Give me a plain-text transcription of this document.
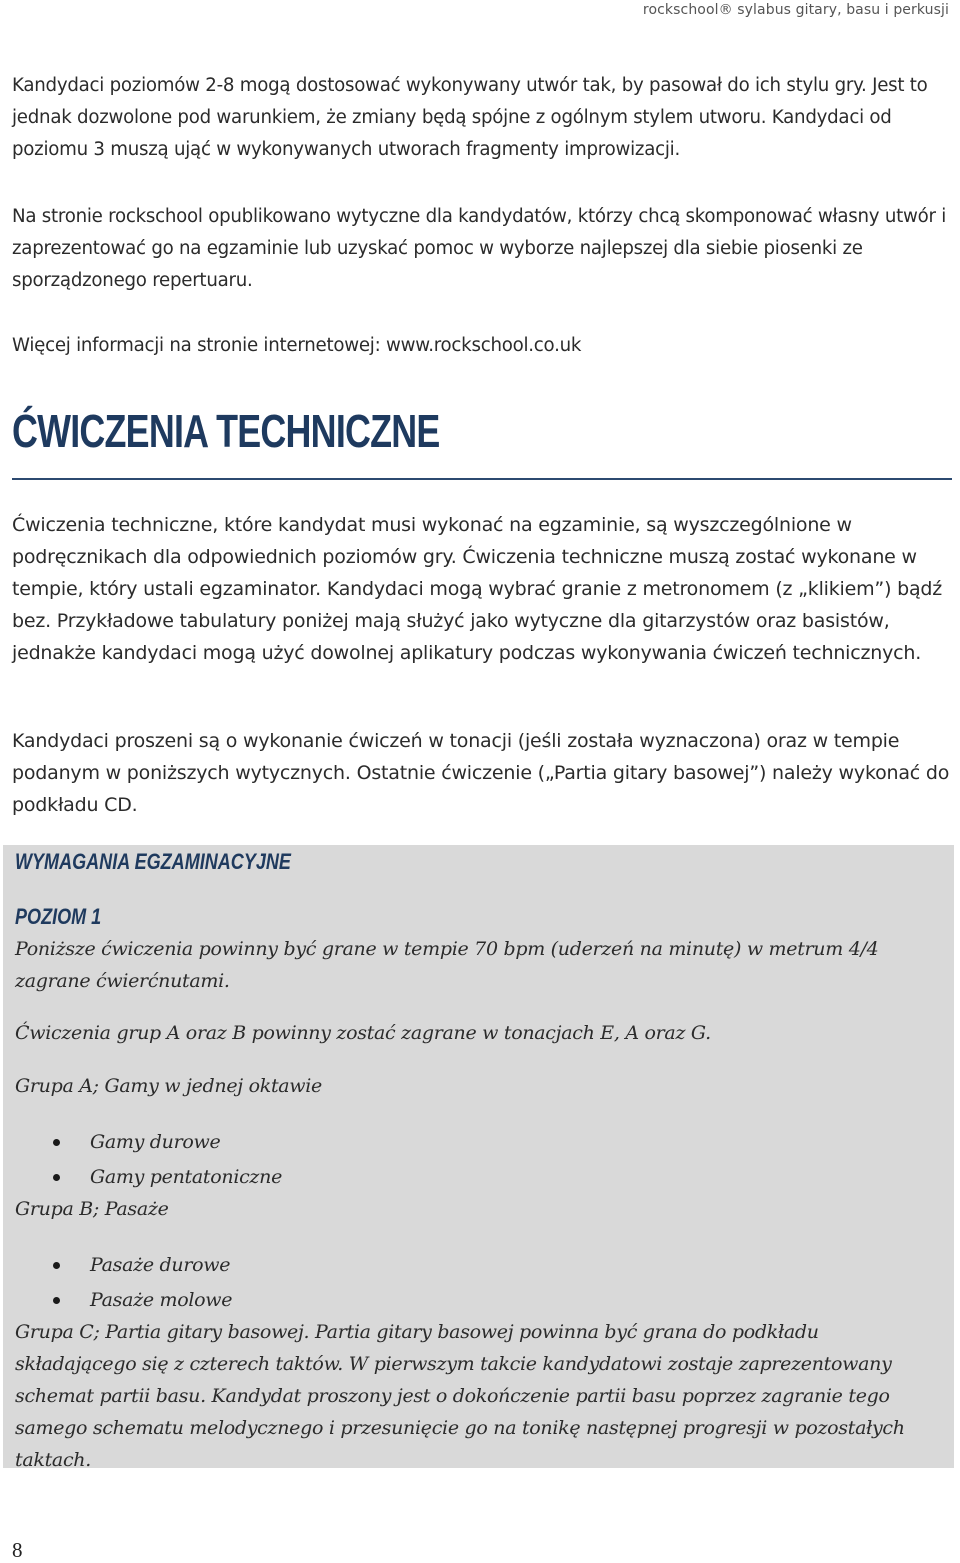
rockschool® sylabus gitary, basu i perkusji

Kandydaci poziomów 2-8 mogą dostosować wykonywany utwór tak, by pasował do ich stylu gry. Jest to jednak dozwolone pod warunkiem, że zmiany będą spójne z ogólnym stylem utworu. Kandydaci od poziomu 3 muszą ująć w wykonywanych utworach fragmenty improwizacji.

Na stronie rockschool opublikowano wytyczne dla kandydatów, którzy chcą skomponować własny utwór i zaprezentować go na egzaminie lub uzyskać pomoc w wyborze najlepszej dla siebie piosenki ze sporządzonego repertuaru.

Więcej informacji na stronie internetowej: www.rockschool.co.uk

ĆWICZENIA TECHNICZNE

Ćwiczenia techniczne, które kandydat musi wykonać na egzaminie, są wyszczególnione w podręcznikach dla odpowiednich poziomów gry. Ćwiczenia techniczne muszą zostać wykonane w tempie, który ustali egzaminator. Kandydaci mogą wybrać granie z metronomem (z „klikiem”) bądź bez. Przykładowe tabulatury poniżej mają służyć jako wytyczne dla gitarzystów oraz basistów, jednakże kandydaci mogą użyć dowolnej aplikatury podczas wykonywania ćwiczeń technicznych.

Kandydaci proszeni są o wykonanie ćwiczeń w tonacji (jeśli została wyznaczona) oraz w tempie podanym w poniższych wytycznych. Ostatnie ćwiczenie („Partia gitary basowej”) należy wykonać do podkładu CD.

WYMAGANIA EGZAMINACYJNE
POZIOM 1

Poniższe ćwiczenia powinny być grane w tempie 70 bpm (uderzeń na minutę) w metrum 4/4 zagrane ćwierćnutami.

Ćwiczenia grup A oraz B powinny zostać zagrane w tonacjach E, A oraz G.

Grupa A; Gamy w jednej oktawie

Gamy durowe
Gamy pentatoniczne

Grupa B; Pasaże

Pasaże durowe
Pasaże molowe

Grupa C; Partia gitary basowej. Partia gitary basowej powinna być grana do podkładu składającego się z czterech taktów. W pierwszym takcie kandydatowi zostaje zaprezentowany schemat partii basu. Kandydat proszony jest o dokończenie partii basu poprzez zagranie tego samego schematu melodycznego i przesunięcie go na tonikę następnej progresji w pozostałych taktach.

8
